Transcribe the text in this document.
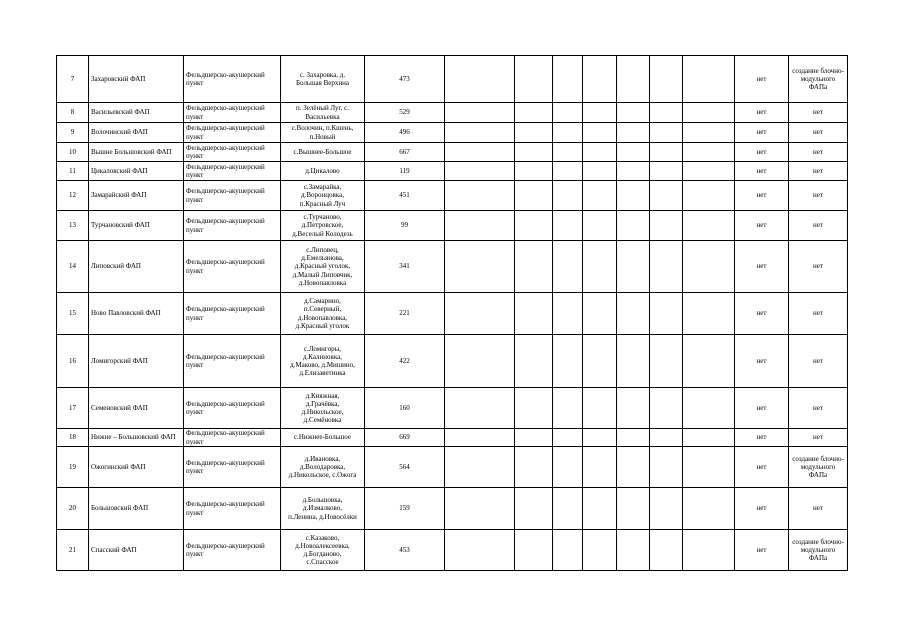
7	Захаровский ФАП	Фельдшерско-акушерский пункт	с. Захаровка, д.
Большая Верхина	473								нет	создание блочно-модульного ФАПа
8	Васильевский ФАП	Фельдшерско-акушерский пункт	п. Зелёный Луг, с.
Васильевка	529								нет	нет
9	Волочинский ФАП	Фельдшерско-акушерский пункт	с.Волочин, п.Кшень,
п.Новый	496								нет	нет
10	Вышне Большовский ФАП	Фельдшерско-акушерский пункт	с.Вышнее-Большое	667								нет	нет
11	Цикаловский ФАП	Фельдшерско-акушерский пункт	д.Цикалово	119								нет	нет
12	Замарайский ФАП	Фельдшерско-акушерский пункт	с.Замарайка,
д.Воронцовка,
п.Красный Луч	451								нет	нет
13	Турчановский ФАП	Фельдшерско-акушерский пункт	с.Турчаново,
д.Петровское,
д.Веселый Колодезь	99								нет	нет
14	Липовский ФАП	Фельдшерско-акушерский пункт	с.Липовец,
д.Емельянова,
д.Красный уголок,
д.Малый Липовчик,
д.Новопавловка	341								нет	нет
15	Ново Павловский ФАП	Фельдшерско-акушерский пункт	д.Самарино,
п.Северный,
д.Новопавловка,
д.Красный уголок	221								нет	нет
16	Ломигорский ФАП	Фельдшерско-акушерский пункт	с.Ломигоры,
д.Калиновка,
д.Маково, д.Мишино,
д.Елизаветинка	422								нет	нет
17	Семеновский ФАП	Фельдшерско-акушерский пункт	д.Княжная,
д.Грачёвка,
д.Никольское,
д.Семёновка	160								нет	нет
18	Нижне – Большовский ФАП	Фельдшерско-акушерский пункт	с.Нижнее-Большое	669								нет	нет
19	Ожогинский ФАП	Фельдшерско-акушерский пункт	д.Ивановка,
д.Володаровка,
д.Никольское, с.Ожога	564								нет	создание блочно-модульного ФАПа
20	Большовский ФАП	Фельдшерско-акушерский пункт	д.Большовка,
д.Измалково,
п.Ленина, д.Новосёлки	159								нет	нет
21	Спасский ФАП	Фельдшерско-акушерский пункт	с.Казаково,
д.Новоалексеевка,
д.Богданово,
с.Спасское	453								нет	создание блочно-модульного ФАПа
